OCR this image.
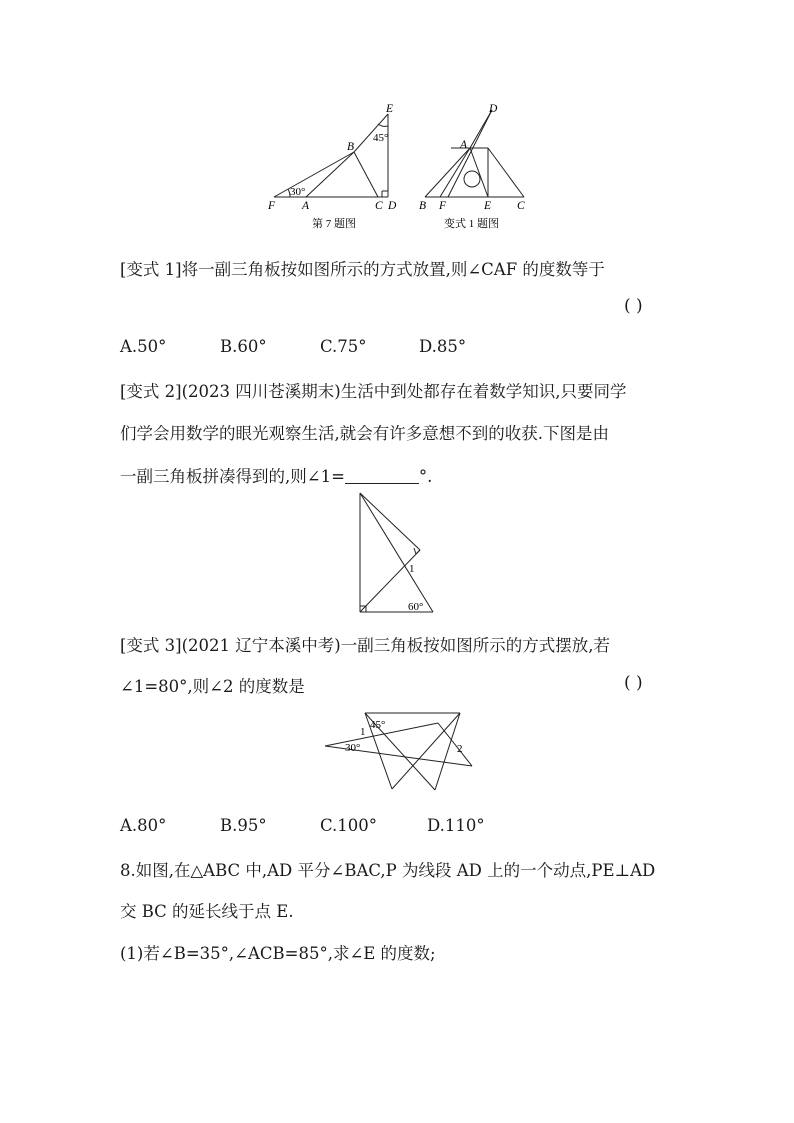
E
B
F A	C D
45°
30°
第 7 题图
D
A
B F	E C
变式 1 题图
[变式 1]将一副三角板按如图所示的方式放置,则∠CAF 的度数等于
( )
A.50°	B.60°	C.75°	D.85°
[变式 2](2023 四川苍溪期末)生活中到处都存在着数学知识,只要同学
们学会用数学的眼光观察生活,就会有许多意想不到的收获.下图是由
一副三角板拼凑得到的,则∠1=	°.
1
60°
[变式 3](2021 辽宁本溪中考)一副三角板按如图所示的方式摆放,若
∠1=80°,则∠2 的度数是	( )
1
45°
30°	2
A.80°	B.95°	C.100°	D.110°
8.如图,在△ABC 中,AD 平分∠BAC,P 为线段 AD 上的一个动点,PE⊥AD
交 BC 的延长线于点 E.
(1)若∠B=35°,∠ACB=85°,求∠E 的度数;
